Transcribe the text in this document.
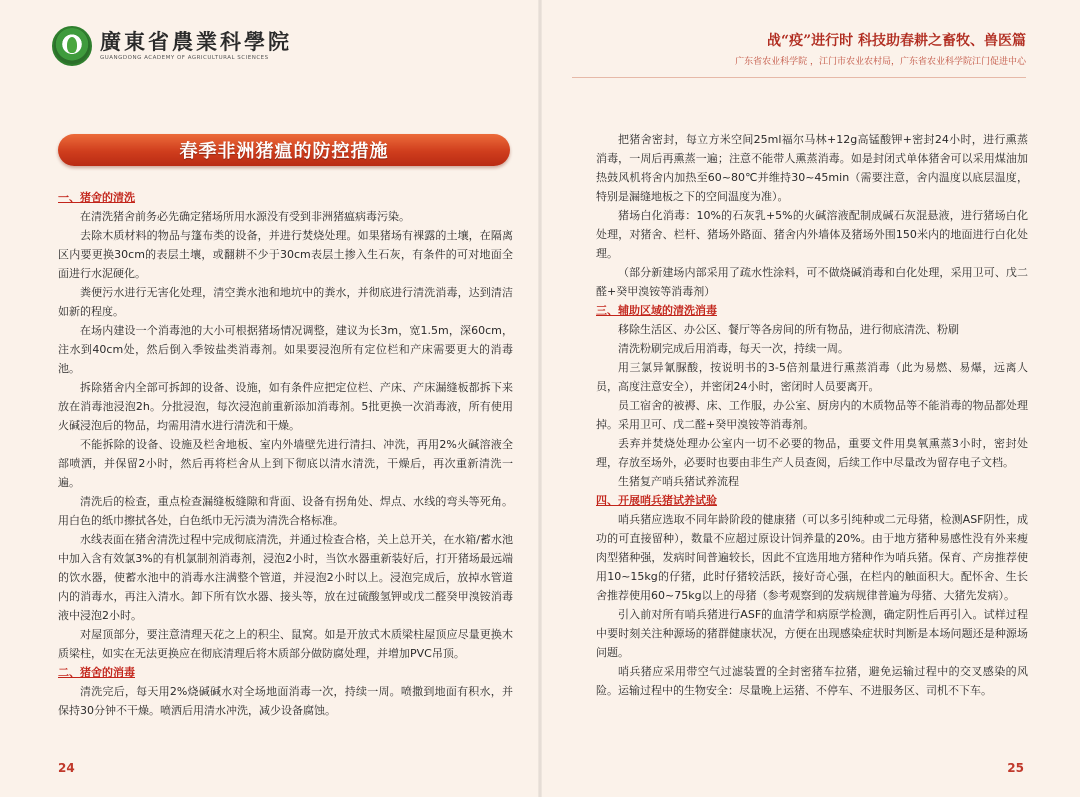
廣東省農業科學院
GUANGDONG ACADEMY OF AGRICULTURAL SCIENCES
战“疫”进行时 科技助春耕之畜牧、兽医篇
广东省农业科学院 ，江门市农业农村局，广东省农业科学院江门促进中心
春季非洲猪瘟的防控措施

一、猪舍的清洗

在清洗猪舍前务必先确定猪场所用水源没有受到非洲猪瘟病毒污染。

去除木质材料的物品与篷布类的设备，并进行焚烧处理。如果猪场有裸露的土壤，在隔离区内要更换30cm的表层土壤，或翻耕不少于30cm表层土掺入生石灰，有条件的可对地面全面进行水泥硬化。

粪便污水进行无害化处理，清空粪水池和地坑中的粪水，并彻底进行清洗消毒，达到清洁如新的程度。

在场内建设一个消毒池的大小可根据猪场情况调整，建议为长3m，宽1.5m，深60cm，注水到40cm处，然后倒入季铵盐类消毒剂。如果要浸泡所有定位栏和产床需要更大的消毒池。

拆除猪舍内全部可拆卸的设备、设施，如有条件应把定位栏、产床、产床漏缝板都拆下来放在消毒池浸泡2h。分批浸泡，每次浸泡前重新添加消毒剂。5批更换一次消毒液，所有使用火碱浸泡后的物品，均需用清水进行清洗和干燥。

不能拆除的设备、设施及栏舍地板、室内外墙壁先进行清扫、冲洗，再用2%火碱溶液全部喷洒，并保留2小时，然后再将栏舍从上到下彻底以清水清洗，干燥后，再次重新清洗一遍。

清洗后的检查，重点检查漏缝板缝隙和背面、设备有拐角处、焊点、水线的弯头等死角。用白色的纸巾擦拭各处，白色纸巾无污渍为清洗合格标准。

水线表面在猪舍清洗过程中完成彻底清洗，并通过检查合格，关上总开关，在水箱/蓄水池中加入含有效氯3%的有机氯制剂消毒剂，浸泡2小时，当饮水器重新装好后，打开猪场最远端的饮水器，使蓄水池中的消毒水注满整个管道，并浸泡2小时以上。浸泡完成后，放掉水管道内的消毒水，再注入清水。卸下所有饮水器、接头等，放在过硫酸氢钾或戊二醛癸甲溴铵消毒液中浸泡2小时。

对屋顶部分，要注意清理天花之上的积尘、鼠窝。如是开放式木质梁柱屋顶应尽量更换木质梁柱，如实在无法更换应在彻底清理后将木质部分做防腐处理，并增加PVC吊顶。

二、猪舍的消毒

清洗完后，每天用2%烧碱碱水对全场地面消毒一次，持续一周。喷撒到地面有积水，并保持30分钟不干燥。喷洒后用清水冲洗，减少设备腐蚀。

把猪舍密封，每立方米空间25ml福尔马林+12g高锰酸钾+密封24小时，进行熏蒸消毒，一周后再熏蒸一遍；注意不能带人熏蒸消毒。如是封闭式单体猪舍可以采用煤油加热鼓风机将舍内加热至60~80℃并维持30~45min（需要注意，舍内温度以底层温度，特别是漏缝地板之下的空间温度为准）。

猪场白化消毒：10%的石灰乳+5%的火碱溶液配制成碱石灰混悬液，进行猪场白化处理，对猪舍、栏杆、猪场外路面、猪舍内外墙体及猪场外围150米内的地面进行白化处理。

（部分新建场内部采用了疏水性涂料，可不做烧碱消毒和白化处理，采用卫可、戊二醛+癸甲溴铵等消毒剂）

三、辅助区域的清洗消毒

移除生活区、办公区、餐厅等各房间的所有物品，进行彻底清洗、粉刷

清洗粉刷完成后用消毒，每天一次，持续一周。

用三氯异氰脲酸，按说明书的3-5倍剂量进行熏蒸消毒（此为易燃、易爆，远离人员，高度注意安全），并密闭24小时，密闭时人员要离开。

员工宿舍的被褥、床、工作服，办公室、厨房内的木质物品等不能消毒的物品都处理掉。采用卫可、戊二醛+癸甲溴铵等消毒剂。

丢弃并焚烧处理办公室内一切不必要的物品，重要文件用臭氧熏蒸3小时，密封处理，存放至场外，必要时也要由非生产人员查阅，后续工作中尽量改为留存电子文档。

生猪复产哨兵猪试养流程

四、开展哨兵猪试养试验

哨兵猪应选取不同年龄阶段的健康猪（可以多引纯种或二元母猪，检测ASF阴性，成功的可直接留种），数量不应超过原设计饲养量的20%。由于地方猪种易感性没有外来瘦肉型猪种强，发病时间普遍较长，因此不宜选用地方猪种作为哨兵猪。保育、产房推荐使用10~15kg的仔猪，此时仔猪较活跃，接好奇心强，在栏内的触面积大。配怀舍、生长舍推荐使用60~75kg以上的母猪（参考观察到的发病规律普遍为母猪、大猪先发病）。

引入前对所有哨兵猪进行ASF的血清学和病原学检测，确定阴性后再引入。试样过程中要时刻关注种源场的猪群健康状况，方便在出现感染症状时判断是本场问题还是种源场问题。

哨兵猪应采用带空气过滤装置的全封密猪车拉猪，避免运输过程中的交叉感染的风险。运输过程中的生物安全：尽量晚上运猪、不停车、不进服务区、司机不下车。

24	25
